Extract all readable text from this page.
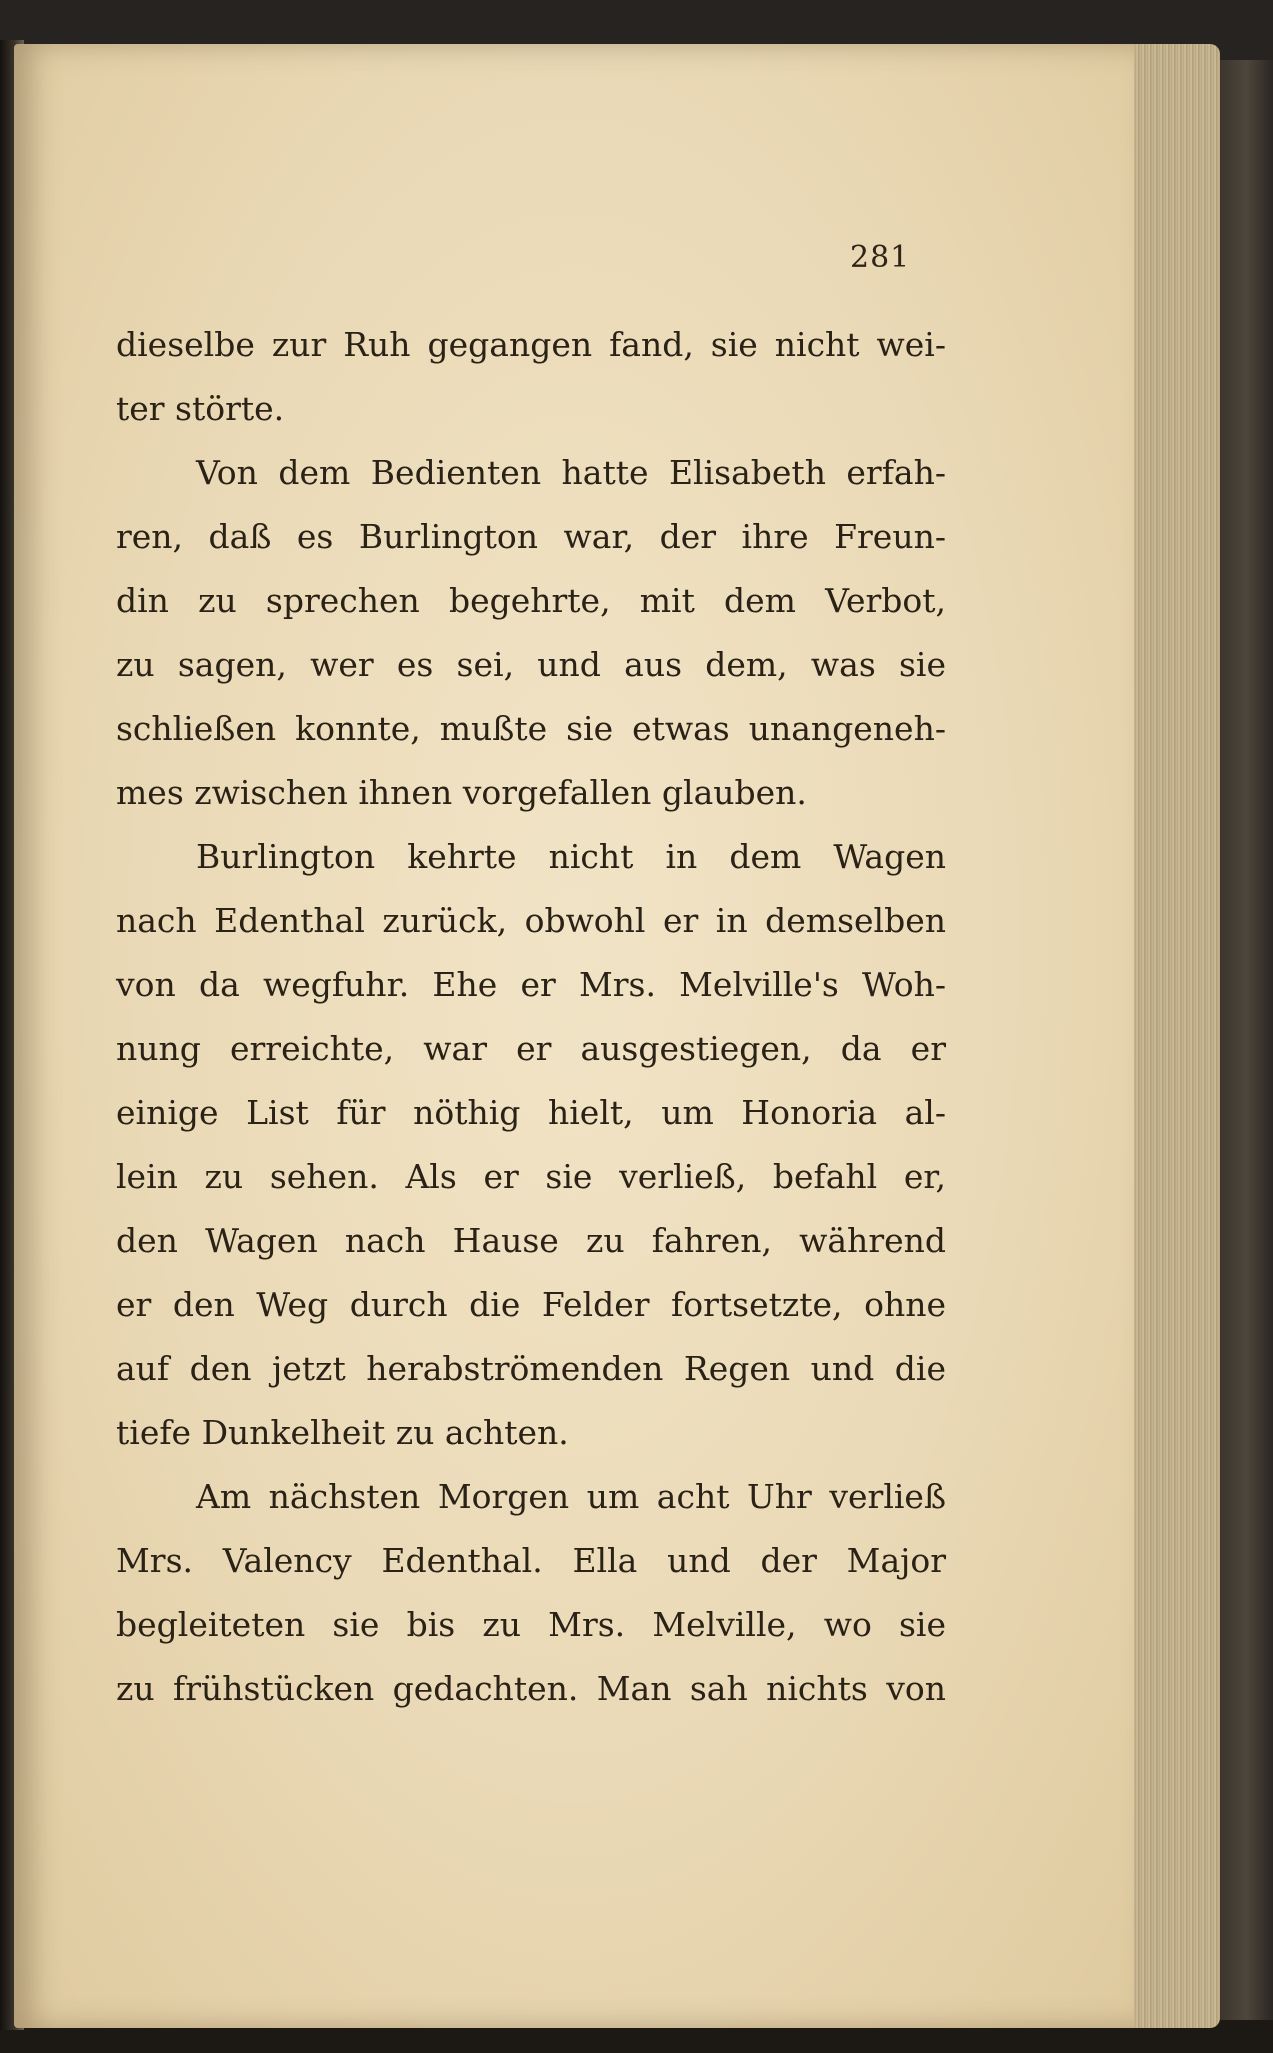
281
dieselbe zur Ruh gegangen fand, sie nicht wei-
ter störte.
Von dem Bedienten hatte Elisabeth erfah-
ren, daß es Burlington war, der ihre Freun-
din zu sprechen begehrte, mit dem Verbot,
zu sagen, wer es sei, und aus dem, was sie
schließen konnte, mußte sie etwas unangeneh-
mes zwischen ihnen vorgefallen glauben.
Burlington kehrte nicht in dem Wagen
nach Edenthal zurück, obwohl er in demselben
von da wegfuhr. Ehe er Mrs. Melville's Woh-
nung erreichte, war er ausgestiegen, da er
einige List für nöthig hielt, um Honoria al-
lein zu sehen. Als er sie verließ, befahl er,
den Wagen nach Hause zu fahren, während
er den Weg durch die Felder fortsetzte, ohne
auf den jetzt herabströmenden Regen und die
tiefe Dunkelheit zu achten.
Am nächsten Morgen um acht Uhr verließ
Mrs. Valency Edenthal. Ella und der Major
begleiteten sie bis zu Mrs. Melville, wo sie
zu frühstücken gedachten. Man sah nichts von
